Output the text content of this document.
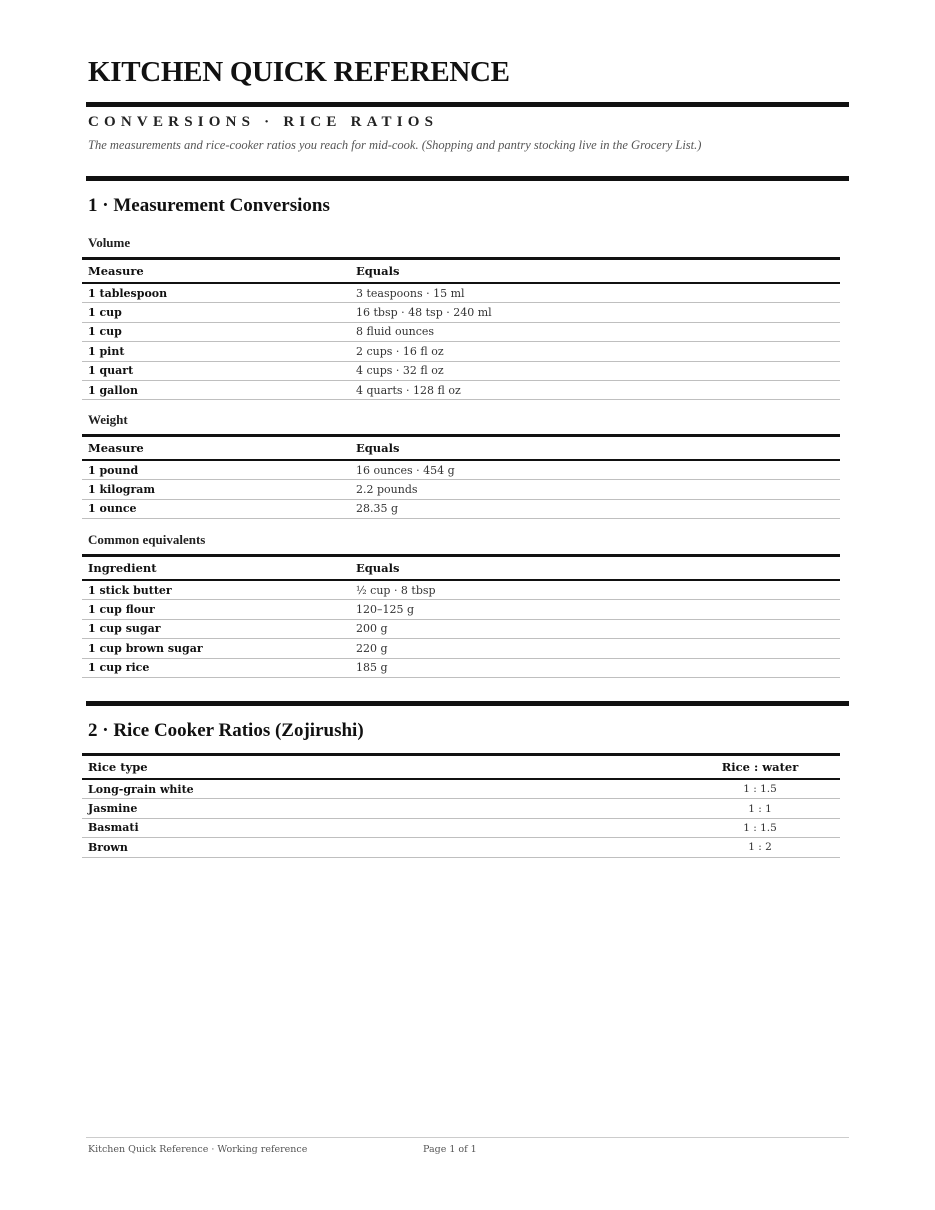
KITCHEN QUICK REFERENCE
CONVERSIONS · RICE RATIOS
The measurements and rice-cooker ratios you reach for mid-cook. (Shopping and pantry stocking live in the Grocery List.)
1 · Measurement Conversions
Volume
Measure	Equals
1 tablespoon	3 teaspoons · 15 ml
1 cup	16 tbsp · 48 tsp · 240 ml
1 cup	8 fluid ounces
1 pint	2 cups · 16 fl oz
1 quart	4 cups · 32 fl oz
1 gallon	4 quarts · 128 fl oz
Weight
Measure	Equals
1 pound	16 ounces · 454 g
1 kilogram	2.2 pounds
1 ounce	28.35 g
Common equivalents
Ingredient	Equals
1 stick butter	½ cup · 8 tbsp
1 cup flour	120–125 g
1 cup sugar	200 g
1 cup brown sugar	220 g
1 cup rice	185 g
2 · Rice Cooker Ratios (Zojirushi)
Rice type	Rice : water
Long-grain white	1 : 1.5
Jasmine	1 : 1
Basmati	1 : 1.5
Brown	1 : 2
Kitchen Quick Reference · Working reference	Page 1 of 1
